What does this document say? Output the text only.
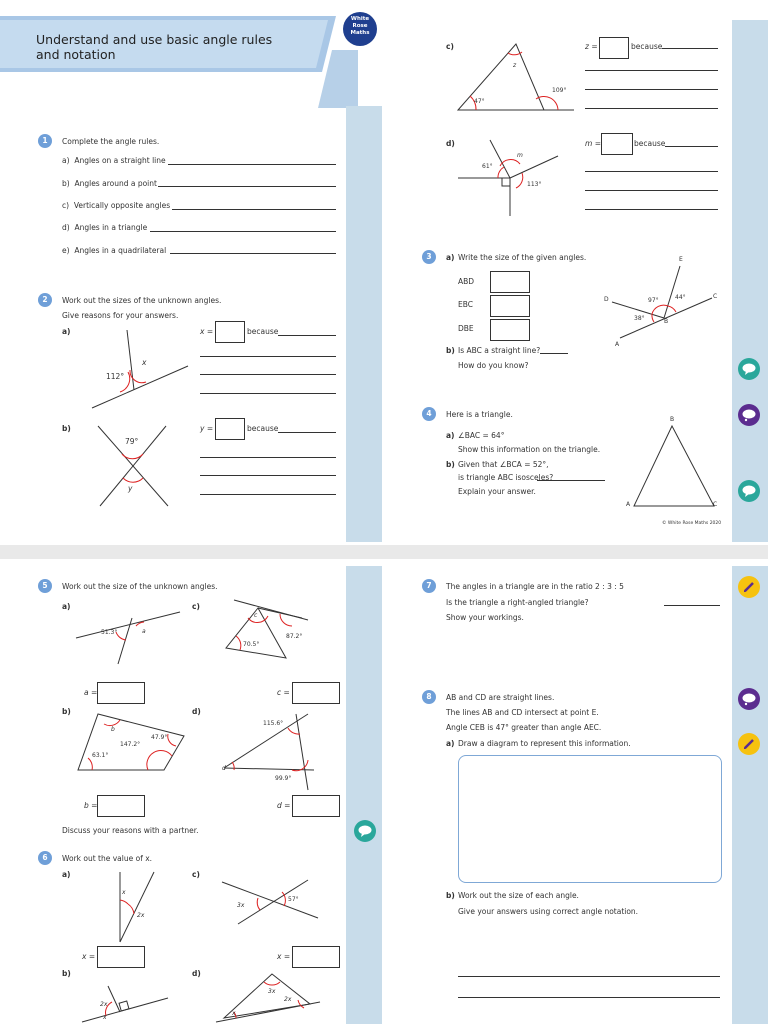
Understand and use basic angle rules
and notation
White
Rose
Maths
1	Complete the angle rules.
a) Angles on a straight line
b) Angles around a point
c) Vertically opposite angles
d) Angles in a triangle
e) Angles in a quadrilateral
2	Work out the sizes of the unknown angles.
Give reasons for your answers.
a)
112°
x
x =	because
b)
79°
y
y =	because
c)
47°
109°
z
z =	because
d)
61°
113°
m
m =	because
3	a) Write the size of the given angles.
ABD
EBC
DBE
b) Is ABC a straight line?
How do you know?
E
D	C
B
A
97°	44°
38°
4	Here is a triangle.
a) ∠BAC = 64°
Show this information on the triangle.
b) Given that ∠BCA = 52°,
is triangle ABC isosceles?
Explain your answer.
B
A	C
© White Rose Maths 2020
5	Work out the size of the unknown angles.
a)
51.3°	a
a =
c)
c
70.5°
87.2°
c =
b)
b
147.2°
47.9°
63.1°
b =
d)
115.6°
99.9°
d
d =
Discuss your reasons with a partner.
6	Work out the value of x.
a)
x
2x
x =
c)
3x
57°
x =
b)
2x
x
d)
3x
2x
x
7	The angles in a triangle are in the ratio 2 : 3 : 5
Is the triangle a right-angled triangle?
Show your workings.
8	AB and CD are straight lines.
The lines AB and CD intersect at point E.
Angle CEB is 47° greater than angle AEC.
a) Draw a diagram to represent this information.
b) Work out the size of each angle.
Give your answers using correct angle notation.
